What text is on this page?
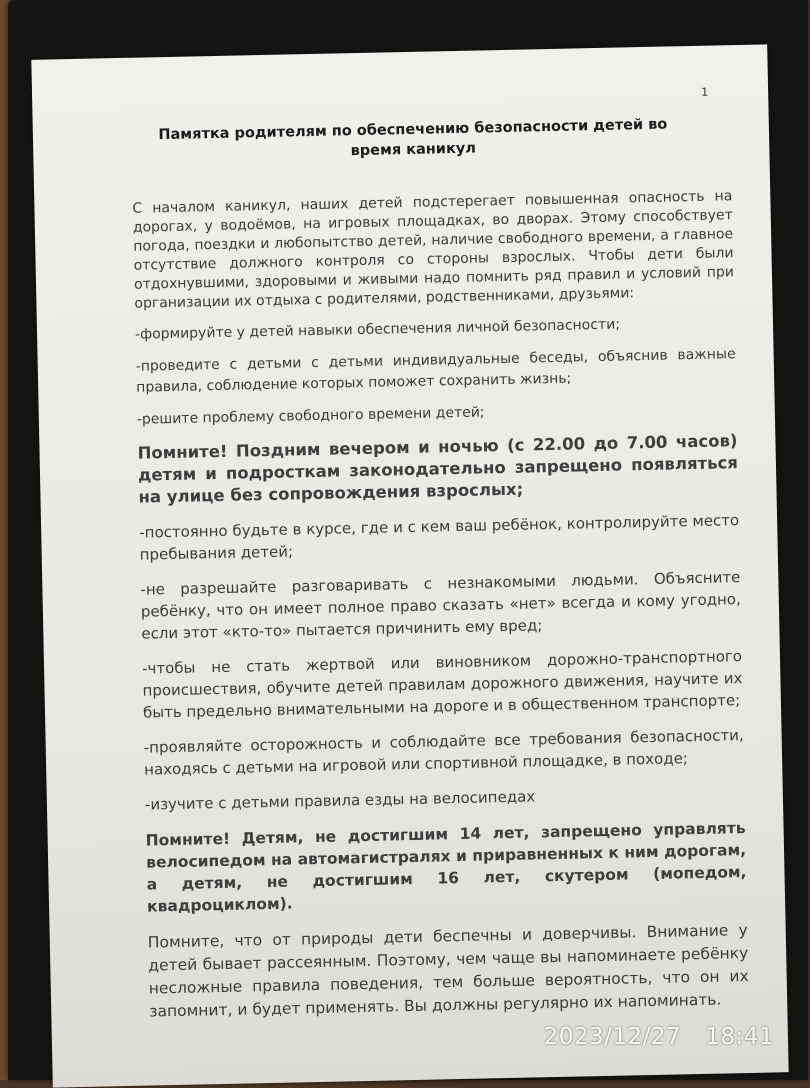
1
Памятка родителям по обеспечению безопасности детей во время каникул

С началом каникул, наших детей подстерегает повышенная опасность на дорогах, у водоёмов, на игровых площадках, во дворах. Этому способствует погода, поездки и любопытство детей, наличие свободного времени, а главное отсутствие должного контроля со стороны взрослых. Чтобы дети были отдохнувшими, здоровыми и живыми надо помнить ряд правил и условий при организации их отдыха с родителями, родственниками, друзьями:

-формируйте у детей навыки обеспечения личной безопасности;

-проведите с детьми с детьми индивидуальные беседы, объяснив важные правила, соблюдение которых поможет сохранить жизнь;

-решите проблему свободного времени детей;

Помните! Поздним вечером и ночью (с 22.00 до 7.00 часов) детям и подросткам законодательно запрещено появляться на улице без сопровождения взрослых;

-постоянно будьте в курсе, где и с кем ваш ребёнок, контролируйте место пребывания детей;

-не разрешайте разговаривать с незнакомыми людьми. Объясните ребёнку, что он имеет полное право сказать «нет» всегда и кому угодно, если этот «кто-то» пытается причинить ему вред;

-чтобы не стать жертвой или виновником дорожно-транспортного происшествия, обучите детей правилам дорожного движения, научите их быть предельно внимательными на дороге и в общественном транспорте;

-проявляйте осторожность и соблюдайте все требования безопасности, находясь с детьми на игровой или спортивной площадке, в походе;

-изучите с детьми правила езды на велосипедах

Помните! Детям, не достигшим 14 лет, запрещено управлять велосипедом на автомагистралях и приравненных к ним дорогам, а детям, не достигшим 16 лет, скутером (мопедом, квадроциклом).

Помните, что от природы дети беспечны и доверчивы. Внимание у детей бывает рассеянным. Поэтому, чем чаще вы напоминаете ребёнку несложные правила поведения, тем больше вероятность, что он их запомнит, и будет применять. Вы должны регулярно их напоминать.

2023/12/27 18:41
